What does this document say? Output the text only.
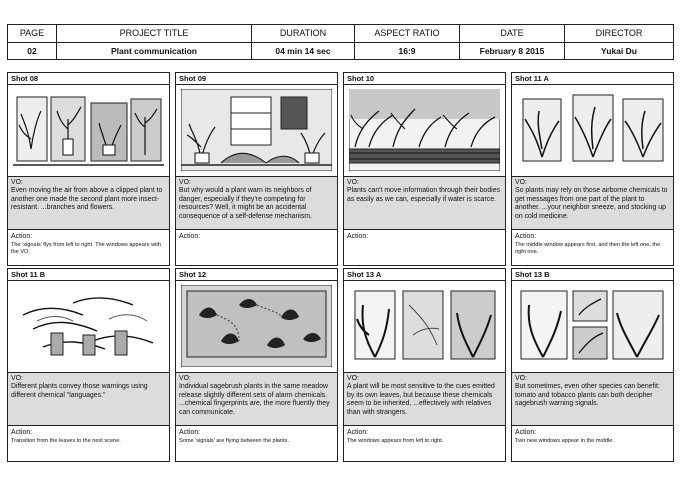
PAGE
02
PROJECT TITLE
Plant communication
DURATION
04 min 14 sec
ASPECT RATIO
16:9
DATE
February 8 2015
DIRECTOR
Yukai Du
Shot 08
VO:
Even moving the air from above a clipped plant to another one made the second plant more insect-resistant. ...branches and flowers.
Action:
The 'signals' flys from left to right. The windows appears with the VO.
Shot 09
VO:
But why would a plant warn its neighbors of danger, especially if they're competing for resources? Well, it might be an accidental consequence of a self-defense mechanism.
Action:
Shot 10
VO:
Plants can't move information through their bodies as easily as we can, especially if water is scarce.
Action:
Shot 11 A
VO:
So plants may rely on those airborne chemicals to get messages from one part of the plant to another. ...your neighbor sneeze, and stocking up on cold medicine.
Action:
The middle window appears first, and then the left one, the right one.
Shot 11 B
VO:
Different plants convey those warnings using different chemical "languages."
Action:
Transition from the leaves to the next scene.
Shot 12
VO:
Individual sagebrush plants in the same meadow release slightly different sets of alarm chemicals. ...chemical fingerprints are, the more fluently they can communicate.
Action:
Some 'signals' are flying between the plants.
Shot 13 A
VO:
A plant will be most sensitive to the cues emitted by its own leaves, but because these chemicals seem to be inherited, ...effectively with relatives than with strangers.
Action:
The windows appears from left to right.
Shot 13 B
VO:
But sometimes, even other species can benefit: tomato and tobacco plants can both decipher sagebrush warning signals.
Action:
Two new windows appear in the middle.
